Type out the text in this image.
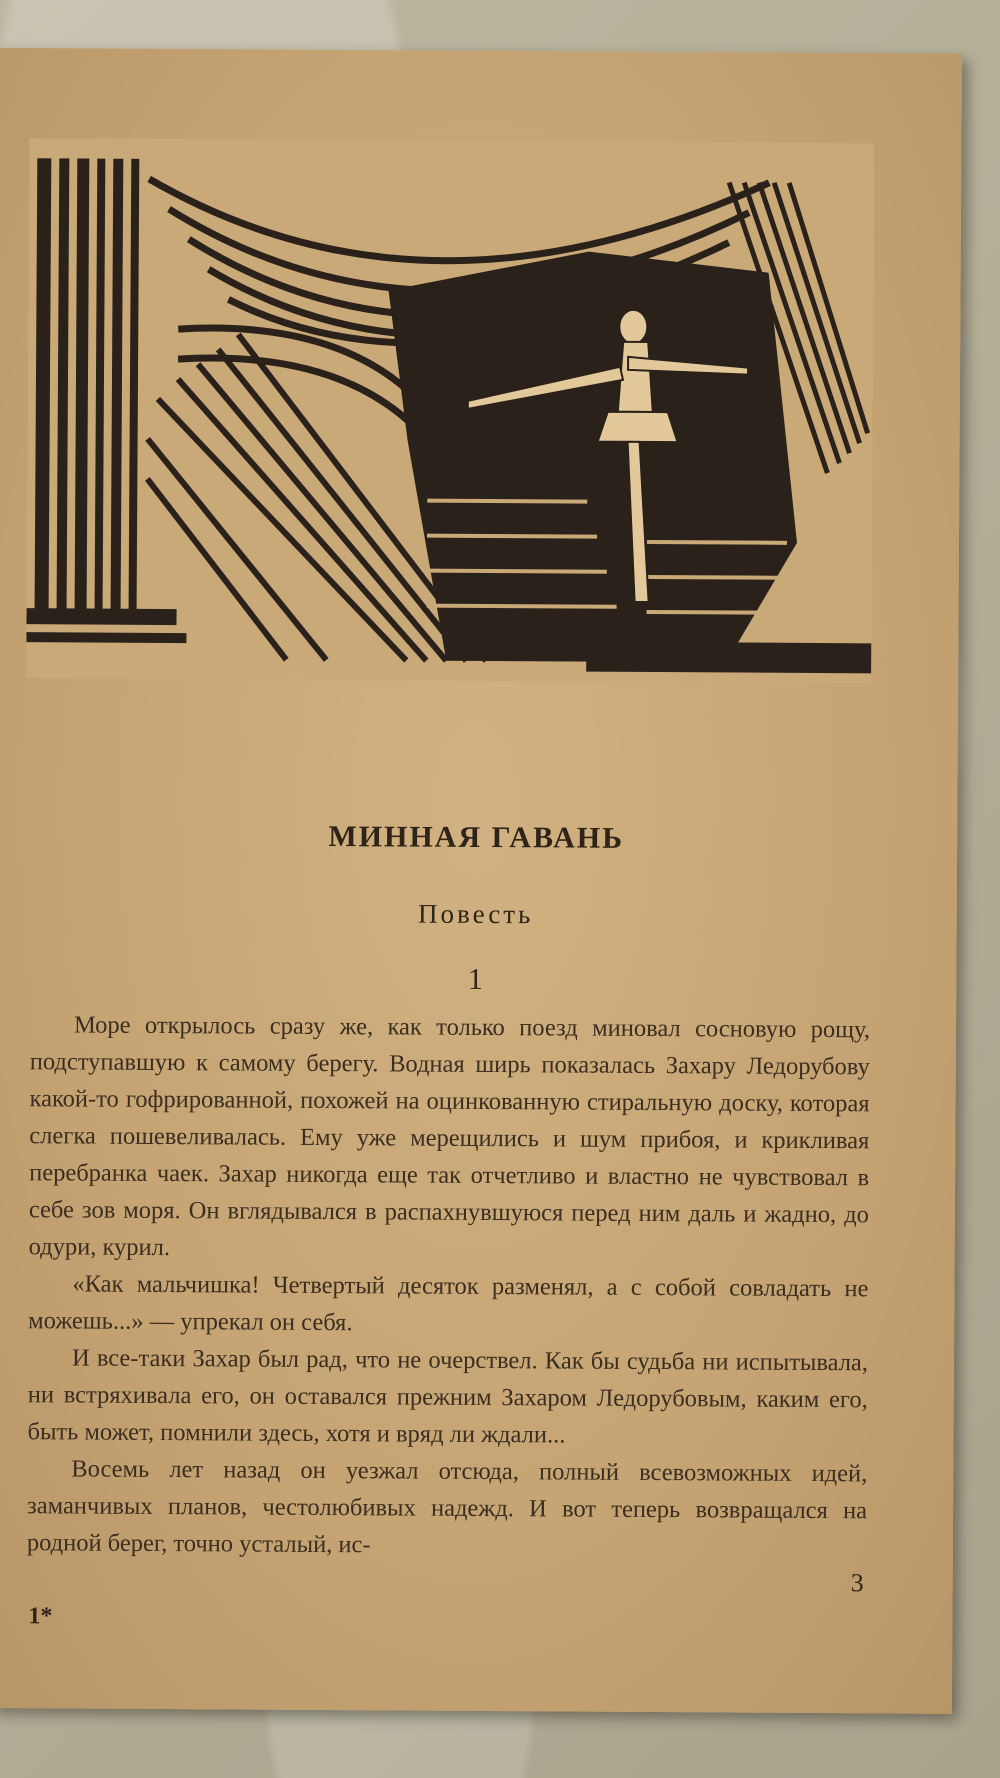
МИННАЯ ГАВАНЬ
Повесть
1

Море открылось сразу же, как только поезд миновал сосновую рощу, подступавшую к самому берегу. Водная ширь показалась Захару Ледорубову какой-то гофрированной, похожей на оцинкованную стиральную доску, которая слегка пошевеливалась. Ему уже мерещились и шум прибоя, и крикливая перебранка чаек. Захар никогда еще так отчетливо и властно не чувствовал в себе зов моря. Он вглядывался в распахнувшуюся перед ним даль и жадно, до одури, курил.

«Как мальчишка! Четвертый десяток разменял, а с собой совладать не можешь...» — упрекал он себя.

И все-таки Захар был рад, что не очерствел. Как бы судьба ни испытывала, ни встряхивала его, он оставался прежним Захаром Ледорубовым, каким его, быть может, помнили здесь, хотя и вряд ли ждали...

Восемь лет назад он уезжал отсюда, полный всевозможных идей, заманчивых планов, честолюбивых надежд. И вот теперь возвращался на родной берег, точно усталый, ис-

3
1*
